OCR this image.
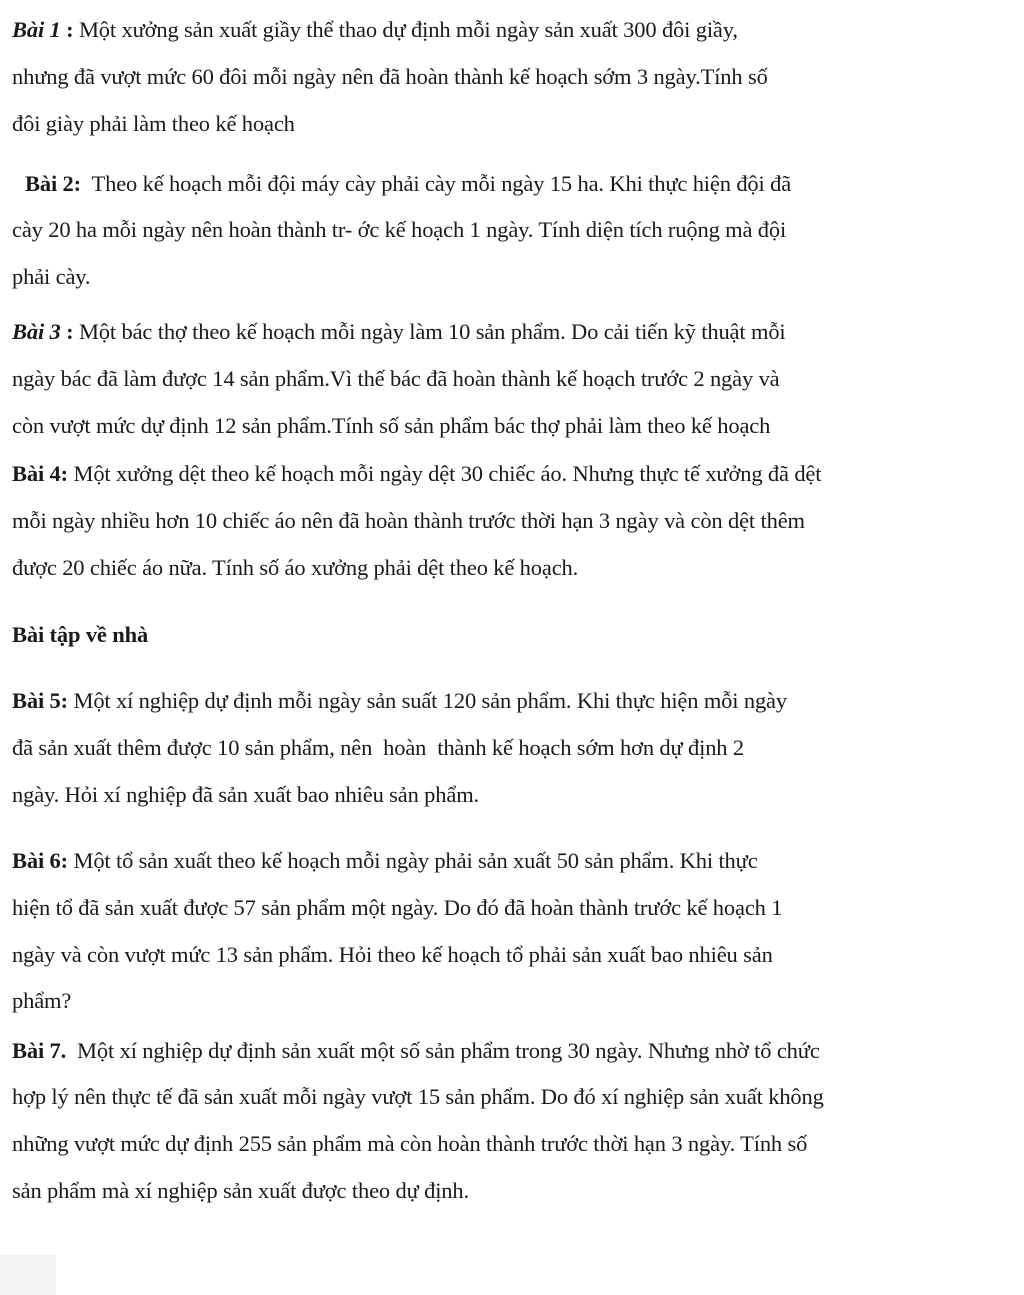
Bài 1 : Một xưởng sản xuất giầy thể thao dự định mỗi ngày sản xuất 300 đôi giầy,
nhưng đã vượt mức 60 đôi mỗi ngày nên đã hoàn thành kế hoạch sớm 3 ngày.Tính số
đôi giày phải làm theo kế hoạch
Bài 2:  Theo kế hoạch mỗi đội máy cày phải cày mỗi ngày 15 ha. Khi thực hiện đội đã
cày 20 ha mỗi ngày nên hoàn thành tr- ớc kế hoạch 1 ngày. Tính diện tích ruộng mà đội
phải cày.
Bài 3 : Một bác thợ theo kế hoạch mỗi ngày làm 10 sản phẩm. Do cải tiến kỹ thuật mỗi
ngày bác đã làm được 14 sản phẩm.Vì thế bác đã hoàn thành kế hoạch trước 2 ngày và
còn vượt mức dự định 12 sản phẩm.Tính số sản phẩm bác thợ phải làm theo kế hoạch
Bài 4: Một xưởng dệt theo kế hoạch mỗi ngày dệt 30 chiếc áo. Nhưng thực tế xưởng đã dệt
mỗi ngày nhiều hơn 10 chiếc áo nên đã hoàn thành trước thời hạn 3 ngày và còn dệt thêm
được 20 chiếc áo nữa. Tính số áo xưởng phải dệt theo kế hoạch.
Bài tập về nhà
Bài 5: Một xí nghiệp dự định mỗi ngày sản suất 120 sản phẩm. Khi thực hiện mỗi ngày
đã sản xuất thêm được 10 sản phẩm, nên  hoàn  thành kế hoạch sớm hơn dự định 2
ngày. Hỏi xí nghiệp đã sản xuất bao nhiêu sản phẩm.
Bài 6: Một tổ sản xuất theo kế hoạch mỗi ngày phải sản xuất 50 sản phẩm. Khi thực
hiện tổ đã sản xuất được 57 sản phẩm một ngày. Do đó đã hoàn thành trước kế hoạch 1
ngày và còn vượt mức 13 sản phẩm. Hỏi theo kế hoạch tổ phải sản xuất bao nhiêu sản
phẩm?
Bài 7.  Một xí nghiệp dự định sản xuất một số sản phẩm trong 30 ngày. Nhưng nhờ tổ chức
hợp lý nên thực tế đã sản xuất mỗi ngày vượt 15 sản phẩm. Do đó xí nghiệp sản xuất không
những vượt mức dự định 255 sản phẩm mà còn hoàn thành trước thời hạn 3 ngày. Tính số
sản phẩm mà xí nghiệp sản xuất được theo dự định.
